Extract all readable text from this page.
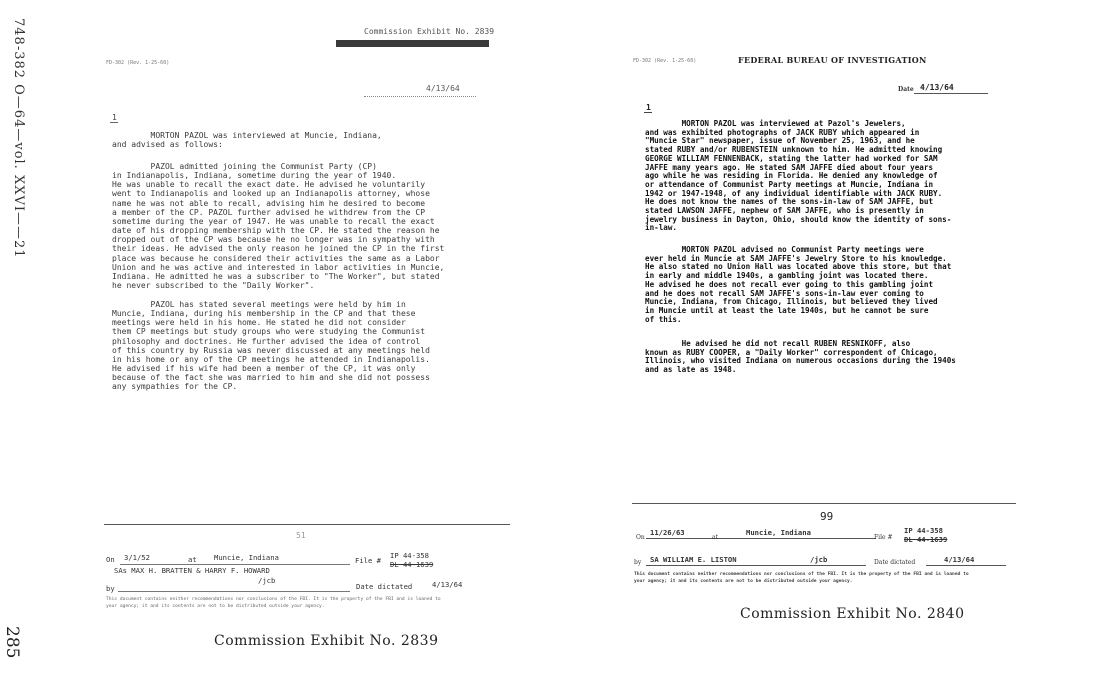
748-382 O—64—vol. XXVI——21
285
Commission Exhibit No. 2839
FD-302 (Rev. 1-25-60)
4/13/64
1
MORTON PAZOL was interviewed at Muncie, Indiana,
and advised as follows:
PAZOL admitted joining the Communist Party (CP)
in Indianapolis, Indiana, sometime during the year of 1940.
He was unable to recall the exact date. He advised he voluntarily
went to Indianapolis and looked up an Indianapolis attorney, whose
name he was not able to recall, advising him he desired to become
a member of the CP. PAZOL further advised he withdrew from the CP
sometime during the year of 1947. He was unable to recall the exact
date of his dropping membership with the CP. He stated the reason he
dropped out of the CP was because he no longer was in sympathy with
their ideas. He advised the only reason he joined the CP in the first
place was because he considered their activities the same as a Labor
Union and he was active and interested in labor activities in Muncie,
Indiana. He admitted he was a subscriber to "The Worker", but stated
he never subscribed to the "Daily Worker".
PAZOL has stated several meetings were held by him in
Muncie, Indiana, during his membership in the CP and that these
meetings were held in his home. He stated he did not consider
them CP meetings but study groups who were studying the Communist
philosophy and doctrines. He further advised the idea of control
of this country by Russia was never discussed at any meetings held
in his home or any of the CP meetings he attended in Indianapolis.
He advised if his wife had been a member of the CP, it was only
because of the fact she was married to him and she did not possess
any sympathies for the CP.
51
On 3/1/52	at Muncie, Indiana	File #
IP 44-358
DL 44-1639
SAs MAX H. BRATTEN & HARRY F. HOWARD
/jcb
by	Date dictated	4/13/64
This document contains neither recommendations nor conclusions of the FBI. It is the property of the FBI and is loaned to
your agency; it and its contents are not to be distributed outside your agency.
Commission Exhibit No. 2839
FD-302 (Rev. 1-25-60)	FEDERAL BUREAU OF INVESTIGATION
Date 4/13/64
1
MORTON PAZOL was interviewed at Pazol's Jewelers,
and was exhibited photographs of JACK RUBY which appeared in
"Muncie Star" newspaper, issue of November 25, 1963, and he
stated RUBY and/or RUBENSTEIN unknown to him. He admitted knowing
GEORGE WILLIAM FENNENBACK, stating the latter had worked for SAM
JAFFE many years ago. He stated SAM JAFFE died about four years
ago while he was residing in Florida. He denied any knowledge of
or attendance of Communist Party meetings at Muncie, Indiana in
1942 or 1947-1948, of any individual identifiable with JACK RUBY.
He does not know the names of the sons-in-law of SAM JAFFE, but
stated LAWSON JAFFE, nephew of SAM JAFFE, who is presently in
jewelry business in Dayton, Ohio, should know the identity of sons-
in-law.
MORTON PAZOL advised no Communist Party meetings were
ever held in Muncie at SAM JAFFE's Jewelry Store to his knowledge.
He also stated no Union Hall was located above this store, but that
in early and middle 1940s, a gambling joint was located there.
He advised he does not recall ever going to this gambling joint
and he does not recall SAM JAFFE's sons-in-law ever coming to
Muncie, Indiana, from Chicago, Illinois, but believed they lived
in Muncie until at least the late 1940s, but he cannot be sure
of this.
He advised he did not recall RUBEN RESNIKOFF, also
known as RUBY COOPER, a "Daily Worker" correspondent of Chicago,
Illinois, who visited Indiana on numerous occasions during the 1940s
and as late as 1948.
99
On
11/26/63
at
Muncie, Indiana
File #
IP 44-358
DL 44-1639
by SA WILLIAM E. LISTON	/jcb	Date dictated	4/13/64
This document contains neither recommendations nor conclusions of the FBI. It is the property of the FBI and is loaned to
your agency; it and its contents are not to be distributed outside your agency.
Commission Exhibit No. 2840
